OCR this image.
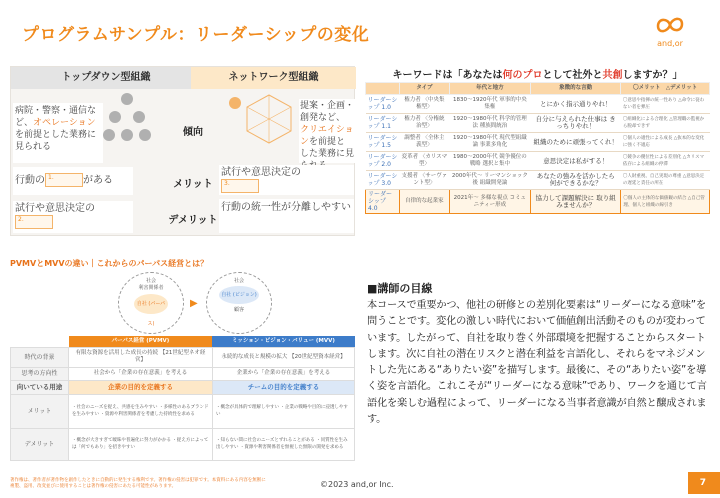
プログラムサンプル：リーダーシップの変化	and,or
トップダウン型組織	ネットワーク型組織
病院・警察・通信など、オペレーションを前提とした業務に見られる
傾向
提案・企画・創発など、クリエイションを前提とした業務に見
行動の 1.	がある	メリット
試行や意思決定の
3.
試行や意思決定の
2.	デメリット
行動の統一性が分離しやすい
キーワードは「あなたは何のプロとして社外と共創しますか？」
	タイプ	年代と地方	象徴的な言動	〇メリット　△デメリット
リーダーシップ 1.0	権力者 〈中央集権型〉	1830〜1920年代 軍事的中央集権	とにかく指示通りやれ！	〇意思や指揮の統一性あり △命令に従わない者を弾圧
リーダーシップ 1.1	権力者 〈分権統治型〉	1920〜1980年代 科学的管理法 種族間統治	自分に与えられた仕事は きっちりやれ！	〇組織化による合理化 △管理職の監視から脱却できず
リーダーシップ 1.5	調整者 〈全体主義型〉	1920〜1980年代 現代型組織論 事業多角化	組織のために頑張ってくれ！	〇個人の適性による成長 △抜本的な変化に強く不適応
リーダーシップ 2.0	変革者 〈カリスマ型〉	1980〜2000年代 競争優位の戦略 選択と集中	意思決定は私がする！	〇競争の優位性による差別化 △カリスマ依存による組織の停滞
リーダーシップ 3.0	支援者 〈サーヴァント型〉	2000年代〜 リーマンショック後 組織開発論	あなたの強みを活かしたら 何ができるかな？	〇人財重視、自己実現の尊重 △意思決定の遅延と責任の所在
リーダーシップ 4.0	自律的な起業家	2021年〜 多様な視点 コミュニティー形成	協力して課題解決に 取り組みませんか？	〇個人の主体的な価値観の結合 △自己管理、個人と組織の線引き
PVMVとMVVの違い｜これからのパーパス経営とは？
社会
利害関係者
自社 (パーパス)
▶
社会
自社 (ビジョン)
顧客
	パーパス経営 (PVMV)	ミッション・ビジョン・バリュー (MVV)
時代の背景	有限な資源を活用した成長の持続 【21世紀型ネオ経営】	永続的な成長と規模の拡大 【20世紀型資本経営】
思考の方向性	社会から「企業の存在意義」を考える	企業から「企業の存在意義」を考える
向いている用途	企業の目的を定義する	チームの目的を定義する
メリット	・社会のニーズを捉え、共感を生みやすい ・多様性のあるブランドを生みやすい ・資源や利害関係者を考慮した持続性を求める	・概念が具体的で理解しやすい ・企業の戦略や目的に浸透しやすい
デメリット	・概念が大きすぎて曖昧や普遍化に努力がかかる ・捉え方によっては「何でもあり」を招きやすい	・知らない間に社会のニーズとずれることがある ・同質性を生み出しやすい ・資源や利害関係者を無視した無限の開発を求める
■講師の目線
本コースで重要かつ、他社の研修との差別化要素は“リーダーになる意味”を問うことです。変化の激しい時代において価値創出活動そのものが変わっています。したがって、自社を取り巻く外部環境を把握することからスタートします。次に自社の潜在リスクと潜在利益を言語化し、それらをマネジメントした先にある“ありたい姿”を描写します。最後に、その“ありたい姿”を導く姿を言語化。これこそが“リーダーになる意味”であり、ワークを通じて言語化を楽しむ過程によって、リーダーになる当事者意識が自然と醸成されます。
著作権は、著作者が著作物を創作したときに自動的に発生する権利です。著作権の侵害は犯罪です。本資料にある内容を無断に複製、盗用、改変並びに使用することは著作権の侵害にあたる可能性があります。	©2023 and,or Inc.	7
